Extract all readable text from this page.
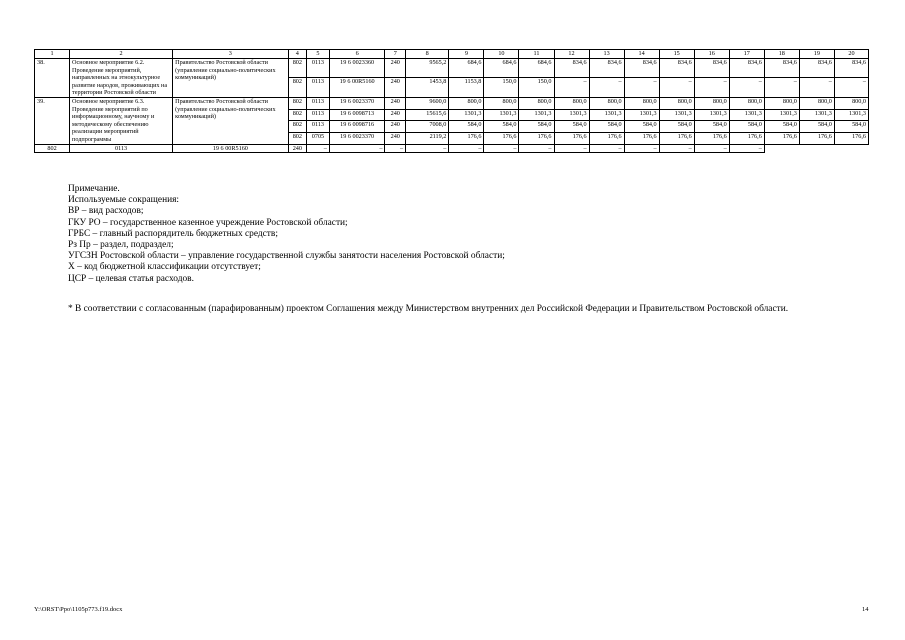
1	2	3	4	5	6	7	8	9	10	11	12	13	14	15	16	17	18	19	20
38.	Основное мероприятие 6.2. Проведение мероприятий, направленных на этнокультурное развитие народов, проживающих на территории Ростовской области	Правительство Ростовской области (управление социально-политических коммуникаций)	802	0113	19 6 0023360	240	9565,2	684,6	684,6	684,6	834,6	834,6	834,6	834,6	834,6	834,6	834,6	834,6	834,6
			802	0113	19 6 00R5160	240	1453,8	1153,8	150,0	150,0	–	–	–	–	–	–	–	–	–
39.	Основное мероприятие 6.3. Проведение мероприятий по информационному, научному и методическому обеспечению реализации мероприятий подпрограммы	Правительство Ростовской области (управление социально-политических коммуникаций)	802	0113	19 6 0023370	240	9600,0	800,0	800,0	800,0	800,0	800,0	800,0	800,0	800,0	800,0	800,0	800,0	800,0
			802	0113	19 6 0098713	240	15615,6	1301,3	1301,3	1301,3	1301,3	1301,3	1301,3	1301,3	1301,3	1301,3	1301,3	1301,3	1301,3
			802	0113	19 6 0098716	240	7008,0	584,0	584,0	584,0	584,0	584,0	584,0	584,0	584,0	584,0	584,0	584,0	584,0
			802	0705	19 6 0023370	240	2119,2	176,6	176,6	176,6	176,6	176,6	176,6	176,6	176,6	176,6	176,6	176,6	176,6
802	0113	19 6 00R5160	240	–	–	–	–	–	–	–	–	–	–	–	–	–			
Примечание.
Используемые сокращения:
ВР – вид расходов;
ГКУ РО – государственное казенное учреждение Ростовской области;
ГРБС – главный распорядитель бюджетных средств;
Рз Пр – раздел, подраздел;
УГСЗН Ростовской области – управление государственной службы занятости населения Ростовской области;
Х – код бюджетной классификации отсутствует;
ЦСР – целевая статья расходов.
* В соответствии с согласованным (парафированным) проектом Соглашения между Министерством внутренних дел Российской Федерации и Правительством Ростовской области.
Y:\ORST\Ppo\1105p773.f19.docx	14
